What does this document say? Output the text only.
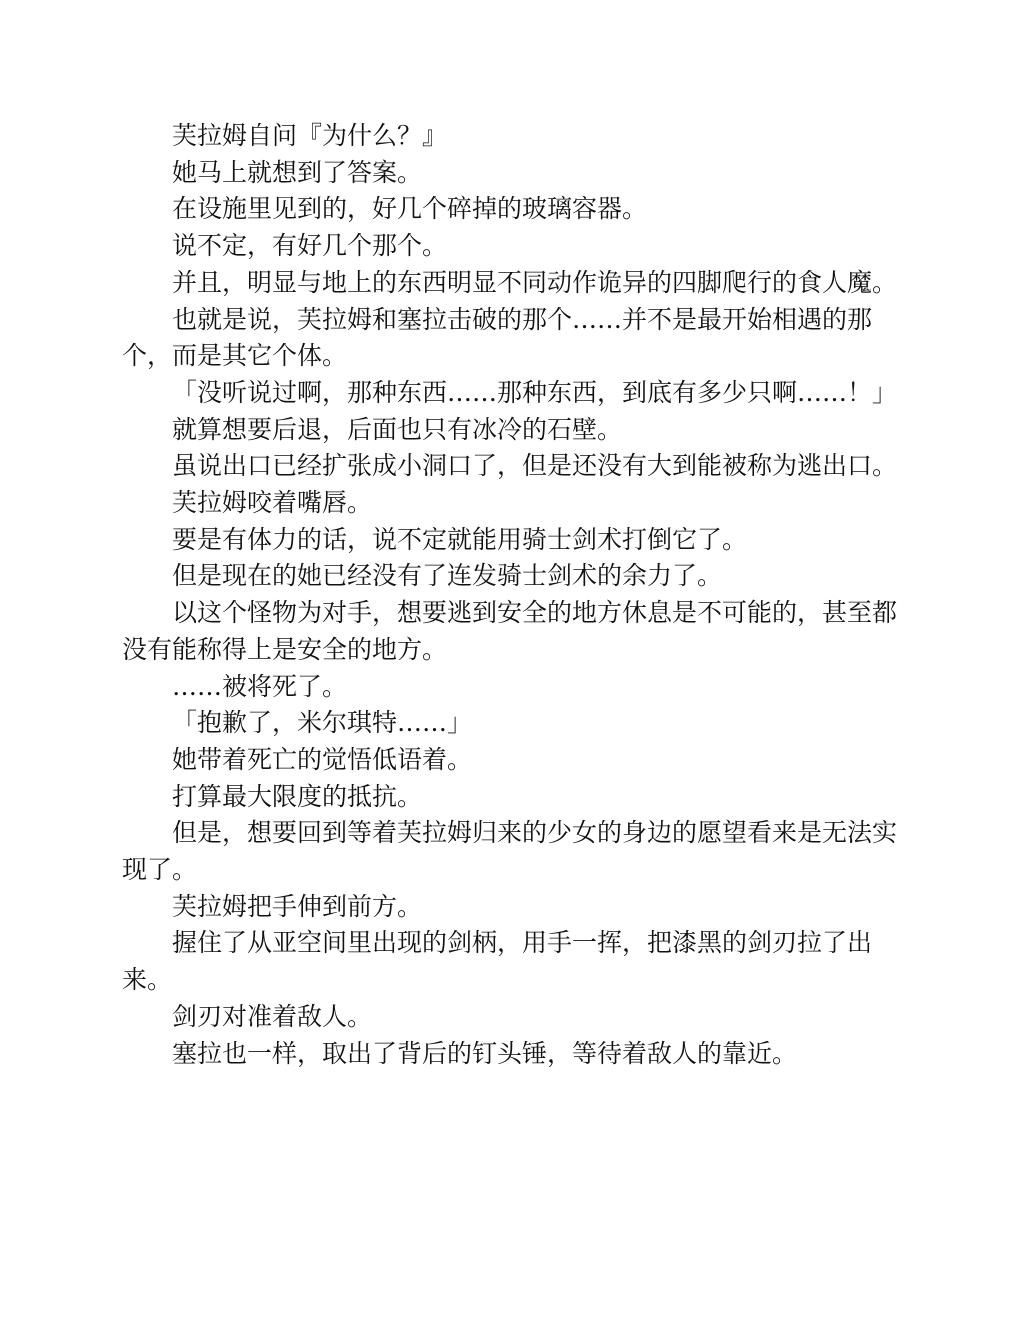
芙拉姆自问『为什么？』

她马上就想到了答案。

在设施里见到的，好几个碎掉的玻璃容器。

说不定，有好几个那个。

并且，明显与地上的东西明显不同动作诡异的四脚爬行的食人魔。

也就是说，芙拉姆和塞拉击破的那个……并不是最开始相遇的那个，而是其它个体。

「没听说过啊，那种东西……那种东西，到底有多少只啊……！」

就算想要后退，后面也只有冰冷的石壁。

虽说出口已经扩张成小洞口了，但是还没有大到能被称为逃出口。

芙拉姆咬着嘴唇。

要是有体力的话，说不定就能用骑士剑术打倒它了。

但是现在的她已经没有了连发骑士剑术的余力了。

以这个怪物为对手，想要逃到安全的地方休息是不可能的，甚至都没有能称得上是安全的地方。

……被将死了。

「抱歉了，米尔琪特……」

她带着死亡的觉悟低语着。

打算最大限度的抵抗。

但是，想要回到等着芙拉姆归来的少女的身边的愿望看来是无法实现了。

芙拉姆把手伸到前方。

握住了从亚空间里出现的剑柄，用手一挥，把漆黑的剑刃拉了出来。

剑刃对准着敌人。

塞拉也一样，取出了背后的钉头锤，等待着敌人的靠近。
